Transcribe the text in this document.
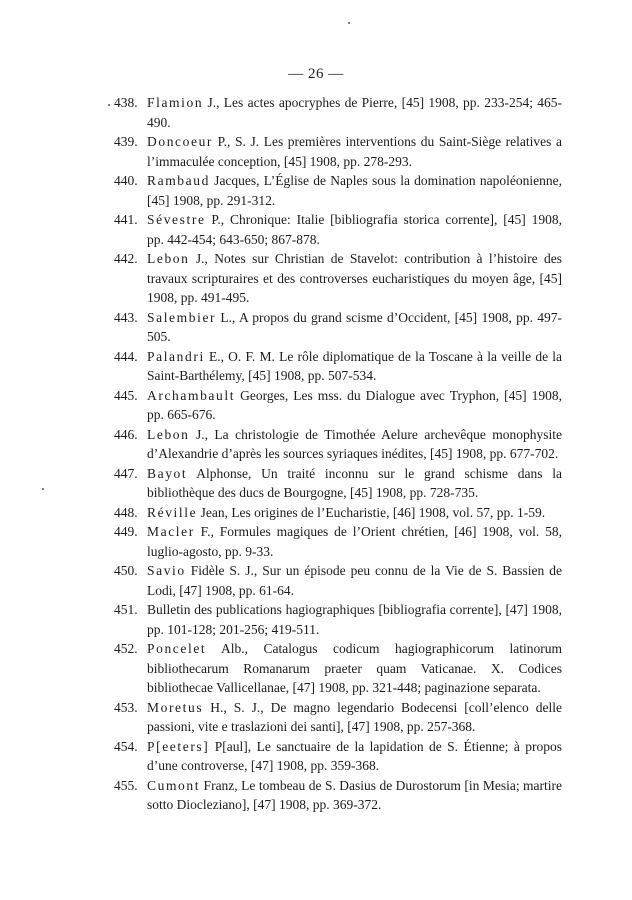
— 26 —

438. Flamion J., Les actes apocryphes de Pierre, [45] 1908, pp. 233-254; 465-490.

439. Doncoeur P., S. J. Les premières interventions du Saint-Siège relatives a l’immaculée conception, [45] 1908, pp. 278-293.

440. Rambaud Jacques, L’Église de Naples sous la domination napoléonienne, [45] 1908, pp. 291-312.

441. Sévestre P., Chronique: Italie [bibliografia storica corrente], [45] 1908, pp. 442-454; 643-650; 867-878.

442. Lebon J., Notes sur Christian de Stavelot: contribution à l’histoire des travaux scripturaires et des controverses eucharistiques du moyen âge, [45] 1908, pp. 491-495.

443. Salembier L., A propos du grand scisme d’Occident, [45] 1908, pp. 497-505.

444. Palandri E., O. F. M. Le rôle diplomatique de la Toscane à la veille de la Saint-Barthélemy, [45] 1908, pp. 507-534.

445. Archambault Georges, Les mss. du Dialogue avec Tryphon, [45] 1908, pp. 665-676.

446. Lebon J., La christologie de Timothée Aelure archevêque monophysite d’Alexandrie d’après les sources syriaques inédites, [45] 1908, pp. 677-702.

447. Bayot Alphonse, Un traité inconnu sur le grand schisme dans la bibliothèque des ducs de Bourgogne, [45] 1908, pp. 728-735.

448. Réville Jean, Les origines de l’Eucharistie, [46] 1908, vol. 57, pp. 1-59.

449. Macler F., Formules magiques de l’Orient chrétien, [46] 1908, vol. 58, luglio-agosto, pp. 9-33.

450. Savio Fidèle S. J., Sur un épisode peu connu de la Vie de S. Bassien de Lodi, [47] 1908, pp. 61-64.

451. Bulletin des publications hagiographiques [bibliografia corrente], [47] 1908, pp. 101-128; 201-256; 419-511.

452. Poncelet Alb., Catalogus codicum hagiographicorum latinorum bibliothecarum Romanarum praeter quam Vaticanae. X. Codices bibliothecae Vallicellanae, [47] 1908, pp. 321-448; paginazione separata.

453. Moretus H., S. J., De magno legendario Bodecensi [coll’elenco delle passioni, vite e traslazioni dei santi], [47] 1908, pp. 257-368.

454. P[eeters] P[aul], Le sanctuaire de la lapidation de S. Étienne; à propos d’une controverse, [47] 1908, pp. 359-368.

455. Cumont Franz, Le tombeau de S. Dasius de Durostorum [in Mesia; martire sotto Diocleziano], [47] 1908, pp. 369-372.
